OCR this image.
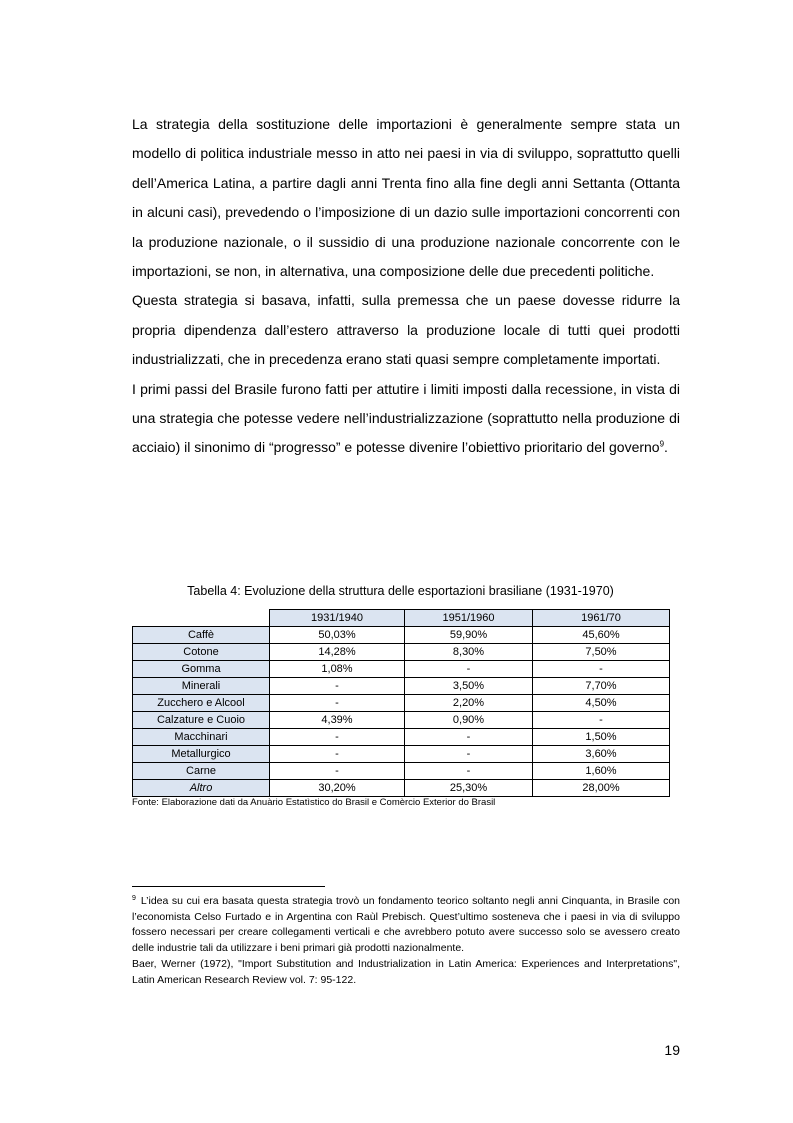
La strategia della sostituzione delle importazioni è generalmente sempre stata un modello di politica industriale messo in atto nei paesi in via di sviluppo, soprattutto quelli dell’America Latina, a partire dagli anni Trenta fino alla fine degli anni Settanta (Ottanta in alcuni casi), prevedendo o l’imposizione di un dazio sulle importazioni concorrenti con la produzione nazionale, o il sussidio di una produzione nazionale concorrente con le importazioni, se non, in alternativa, una composizione delle due precedenti politiche.

Questa strategia si basava, infatti, sulla premessa che un paese dovesse ridurre la propria dipendenza dall’estero attraverso la produzione locale di tutti quei prodotti industrializzati, che in precedenza erano stati quasi sempre completamente importati.

I primi passi del Brasile furono fatti per attutire i limiti imposti dalla recessione, in vista di una strategia che potesse vedere nell’industrializzazione (soprattutto nella produzione di acciaio) il sinonimo di “progresso” e potesse divenire l’obiettivo prioritario del governo$^9$.

Tabella 4: Evoluzione della struttura delle esportazioni brasiliane (1931-1970)
	1931/1940	1951/1960	1961/70
Caffè	50,03%	59,90%	45,60%
Cotone	14,28%	8,30%	7,50%
Gomma	1,08%	-	-
Minerali	-	3,50%	7,70%
Zucchero e Alcool	-	2,20%	4,50%
Calzature e Cuoio	4,39%	0,90%	-
Macchinari	-	-	1,50%
Metallurgico	-	-	3,60%
Carne	-	-	1,60%
Altro	30,20%	25,30%	28,00%
Fonte: Elaborazione dati da Anuàrio Estatìstico do Brasil e Comèrcio Exterior do Brasil

$^9$ L’idea su cui era basata questa strategia trovò un fondamento teorico soltanto negli anni Cinquanta, in Brasile con l’economista Celso Furtado e in Argentina con Raùl Prebisch. Quest’ultimo sosteneva che i paesi in via di sviluppo fossero necessari per creare collegamenti verticali e che avrebbero potuto avere successo solo se avessero creato delle industrie tali da utilizzare i beni primari già prodotti nazionalmente.

Baer, Werner (1972), "Import Substitution and Industrialization in Latin America: Experiences and Interpretations", Latin American Research Review vol. 7: 95-122.

19
